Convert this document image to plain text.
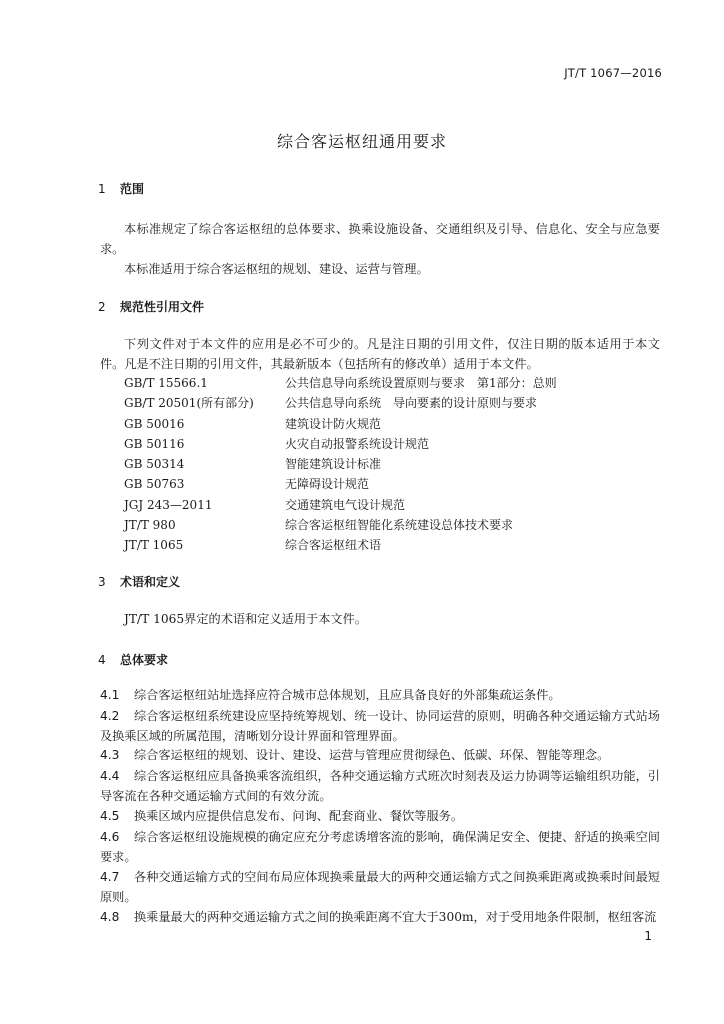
JT/T 1067—2016
综合客运枢纽通用要求
1 范围
本标准规定了综合客运枢纽的总体要求、换乘设施设备、交通组织及引导、信息化、安全与应急要求。
本标准适用于综合客运枢纽的规划、建设、运营与管理。
2 规范性引用文件
下列文件对于本文件的应用是必不可少的。凡是注日期的引用文件，仅注日期的版本适用于本文件。凡是不注日期的引用文件，其最新版本（包括所有的修改单）适用于本文件。
GB/T 15566.1	公共信息导向系统设置原则与要求　第1部分：总则
GB/T 20501(所有部分)	公共信息导向系统　导向要素的设计原则与要求
GB 50016	建筑设计防火规范
GB 50116	火灾自动报警系统设计规范
GB 50314	智能建筑设计标准
GB 50763	无障碍设计规范
JGJ 243—2011	交通建筑电气设计规范
JT/T 980	综合客运枢纽智能化系统建设总体技术要求
JT/T 1065	综合客运枢纽术语
3 术语和定义
JT/T 1065界定的术语和定义适用于本文件。
4 总体要求
4.1 综合客运枢纽站址选择应符合城市总体规划，且应具备良好的外部集疏运条件。
4.2 综合客运枢纽系统建设应坚持统筹规划、统一设计、协同运营的原则，明确各种交通运输方式站场及换乘区域的所属范围，清晰划分设计界面和管理界面。
4.3 综合客运枢纽的规划、设计、建设、运营与管理应贯彻绿色、低碳、环保、智能等理念。
4.4 综合客运枢纽应具备换乘客流组织，各种交通运输方式班次时刻表及运力协调等运输组织功能，引导客流在各种交通运输方式间的有效分流。
4.5 换乘区域内应提供信息发布、问询、配套商业、餐饮等服务。
4.6 综合客运枢纽设施规模的确定应充分考虑诱增客流的影响，确保满足安全、便捷、舒适的换乘空间要求。
4.7 各种交通运输方式的空间布局应体现换乘量最大的两种交通运输方式之间换乘距离或换乘时间最短原则。
4.8 换乘量最大的两种交通运输方式之间的换乘距离不宜大于300m，对于受用地条件限制，枢纽客流
1
